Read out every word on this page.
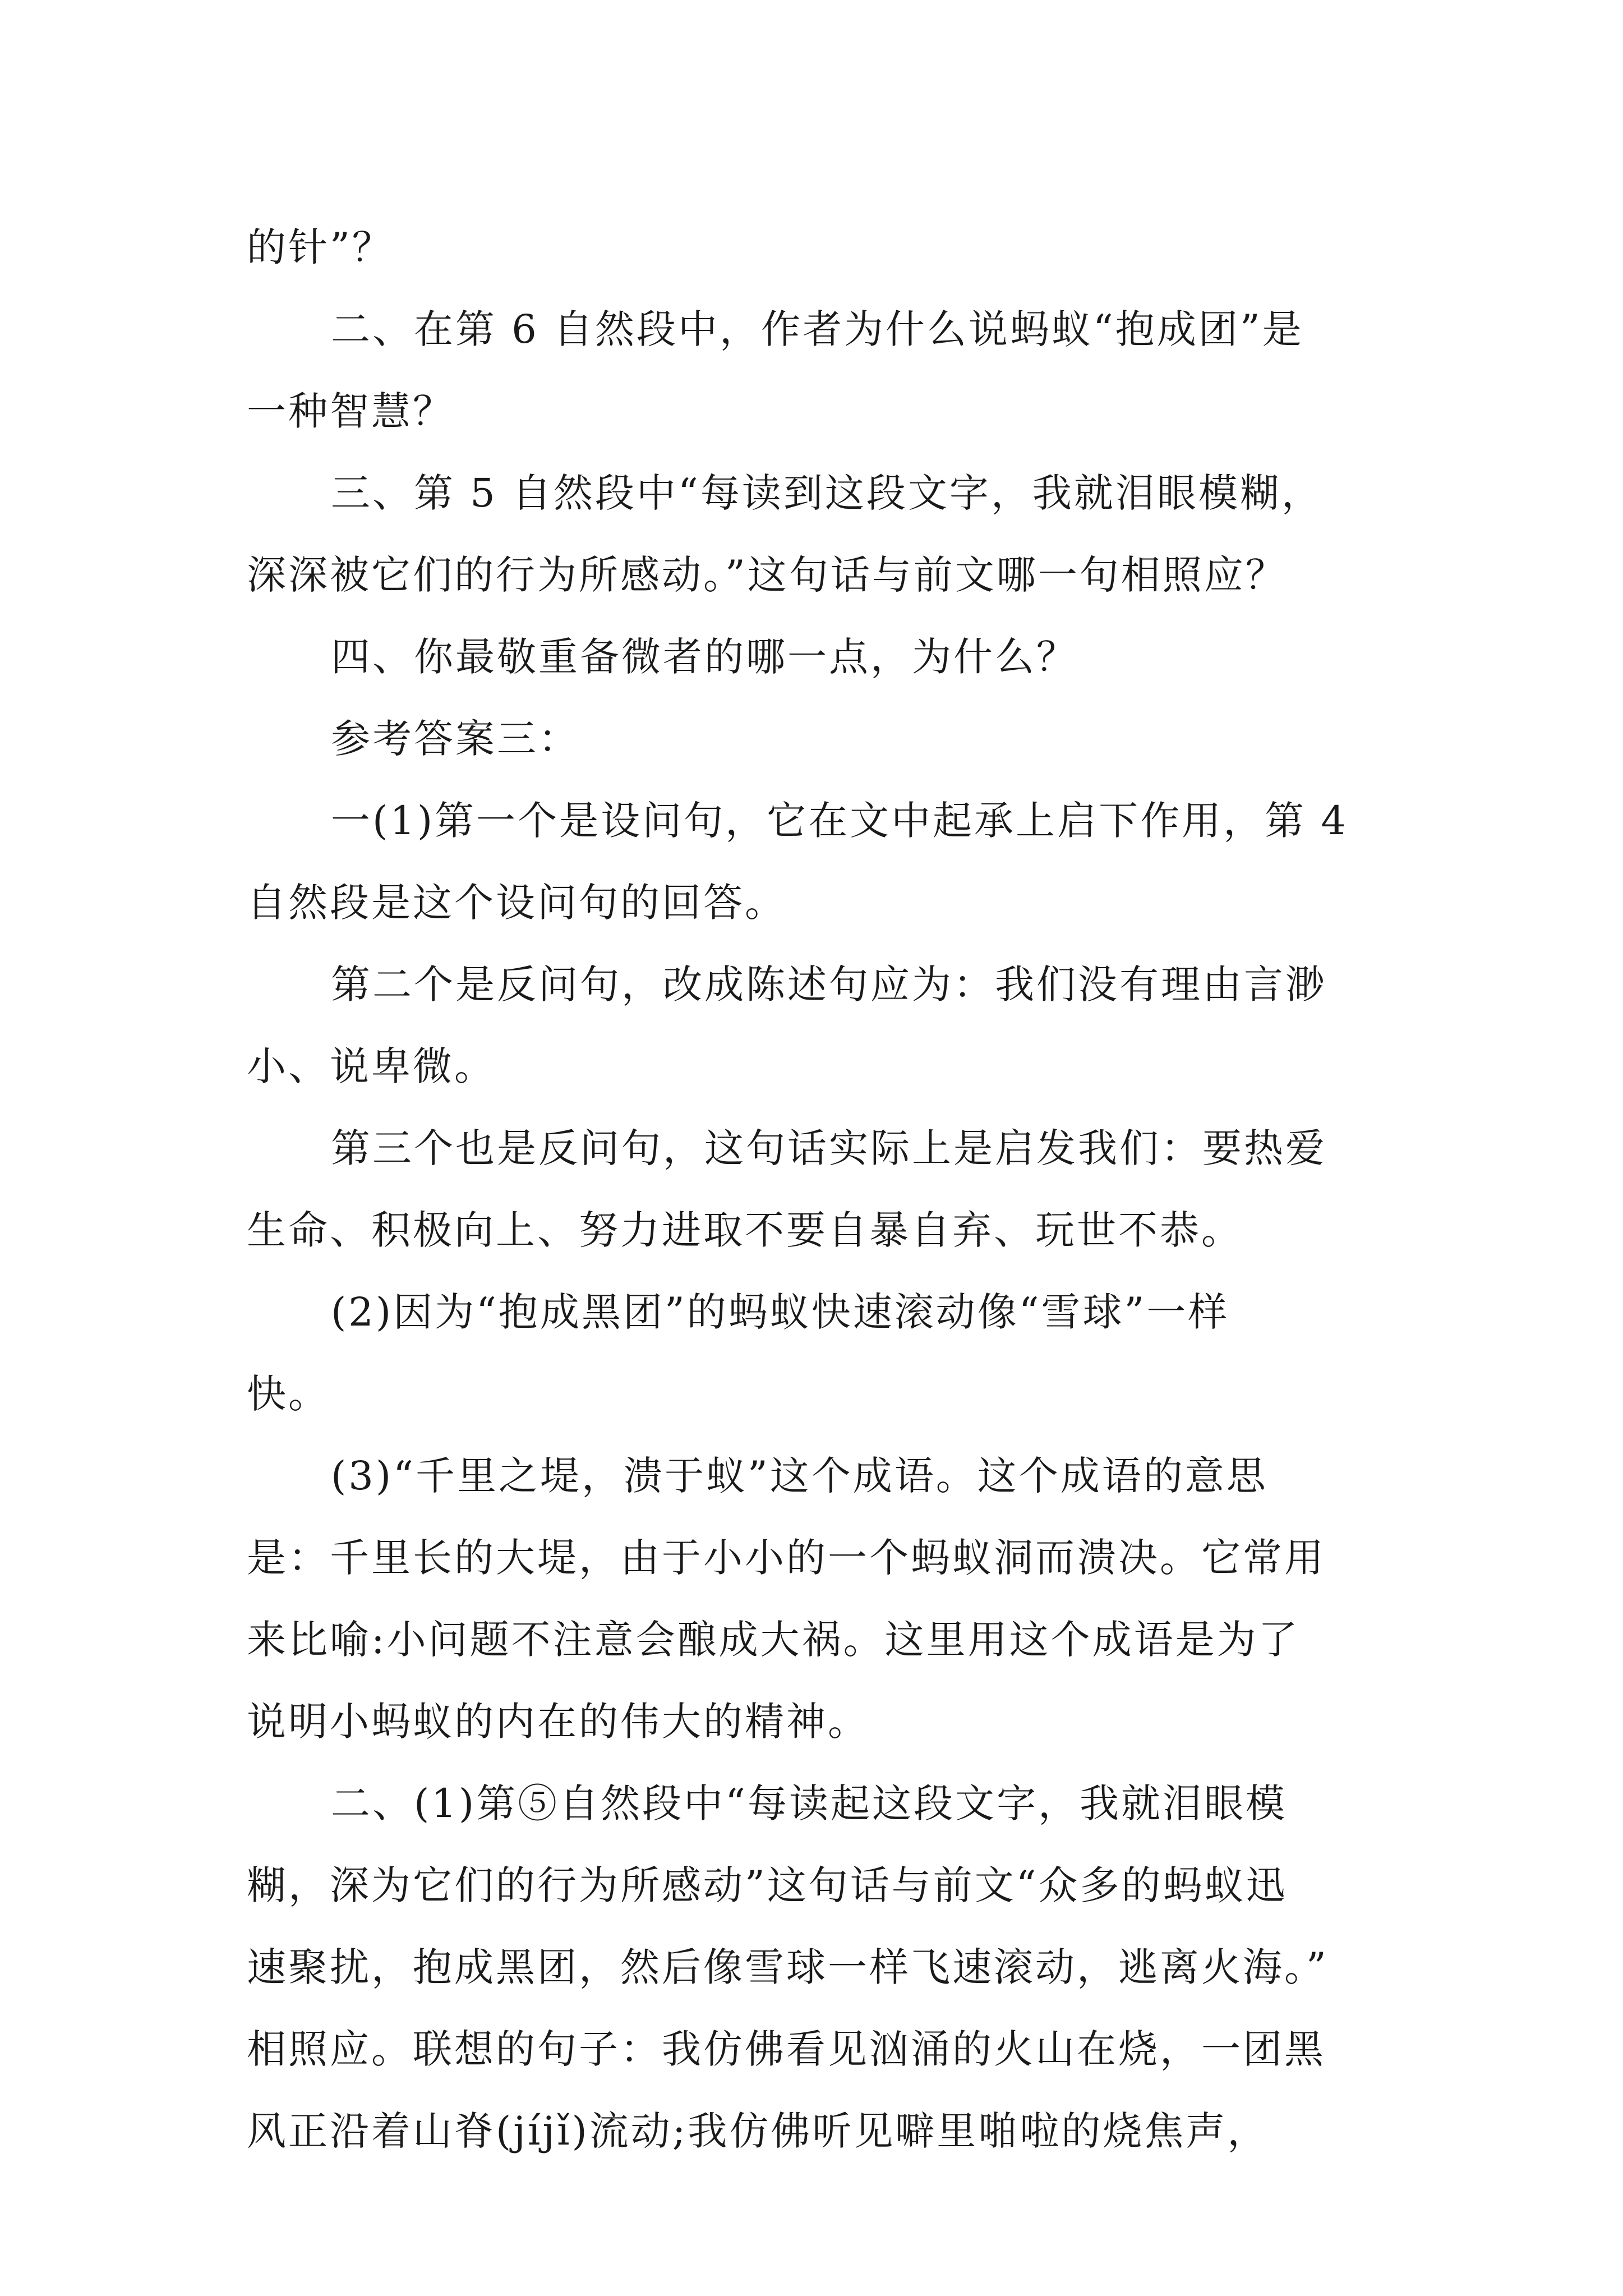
的针”？

二、在第 6 自然段中，作者为什么说蚂蚁“抱成团”是

一种智慧？

三、第 5 自然段中“每读到这段文字，我就泪眼模糊，

深深被它们的行为所感动。”这句话与前文哪一句相照应？

四、你最敬重备微者的哪一点，为什么？

参考答案三：

一(1)第一个是设问句，它在文中起承上启下作用，第 4

自然段是这个设问句的回答。

第二个是反问句，改成陈述句应为：我们没有理由言渺

小、说卑微。

第三个也是反问句，这句话实际上是启发我们：要热爱

生命、积极向上、努力进取不要自暴自弃、玩世不恭。

(2)因为“抱成黑团”的蚂蚁快速滚动像“雪球”一样

快。

(3)“千里之堤，溃于蚁”这个成语。这个成语的意思

是：千里长的大堤，由于小小的一个蚂蚁洞而溃决。它常用

来比喻:小问题不注意会酿成大祸。这里用这个成语是为了

说明小蚂蚁的内在的伟大的精神。

二、(1)第⑤自然段中“每读起这段文字，我就泪眼模

糊，深为它们的行为所感动”这句话与前文“众多的蚂蚁迅

速聚扰，抱成黑团，然后像雪球一样飞速滚动，逃离火海。”

相照应。联想的句子：我仿佛看见汹涌的火山在烧，一团黑

风正沿着山脊(jíjǐ)流动;我仿佛听见噼里啪啦的烧焦声，
